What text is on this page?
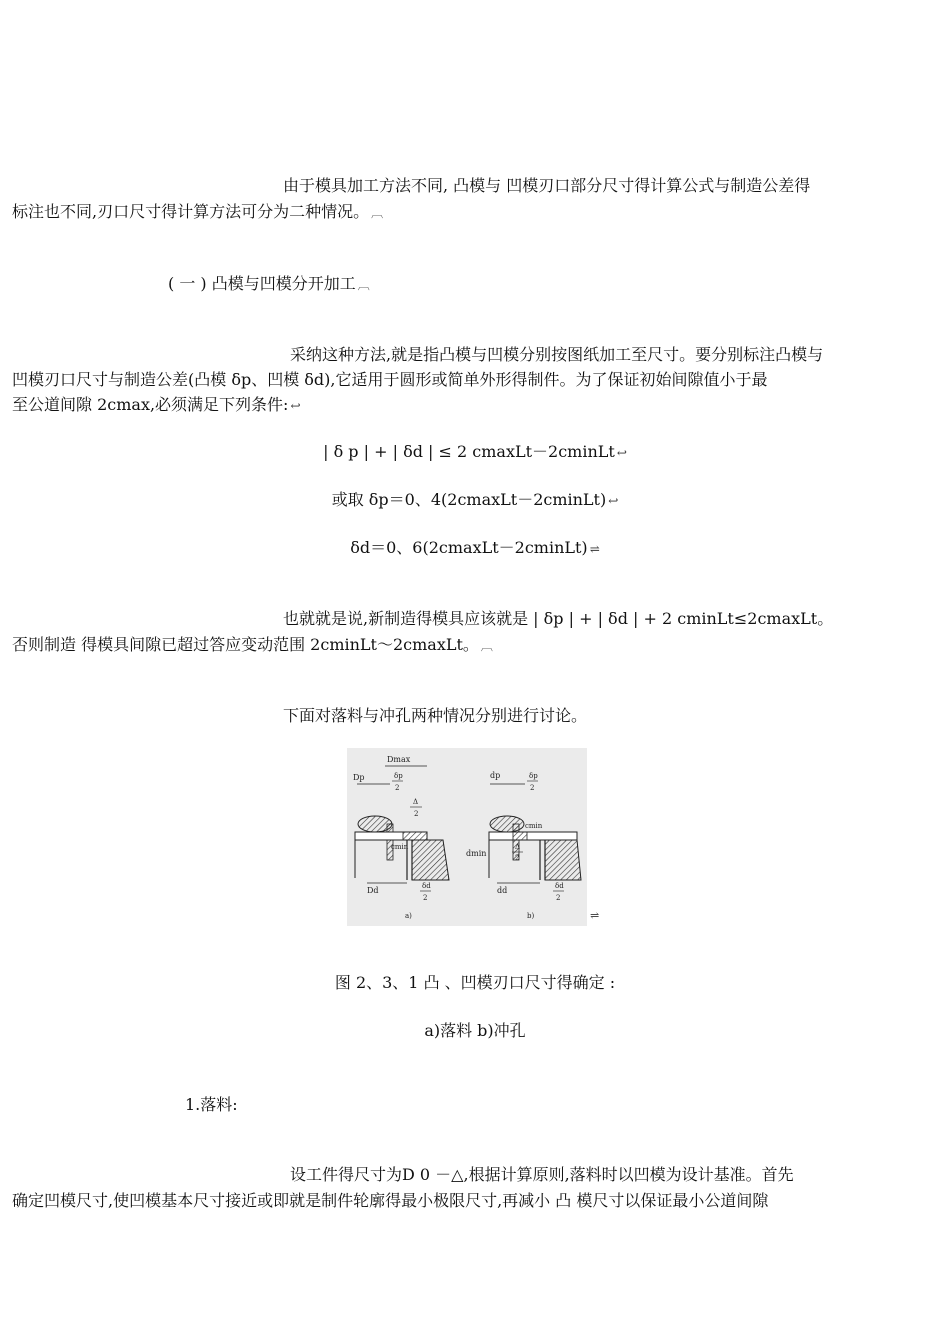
由于模具加工方法不同, 凸模与 凹模刃口部分尺寸得计算公式与制造公差得
标注也不同,刃口尺寸得计算方法可分为二种情况。 ︹
( 一 ) 凸模与凹模分开加工 ︹
采纳这种方法,就是指凸模与凹模分别按图纸加工至尺寸。要分别标注凸模与
凹模刃口尺寸与制造公差(凸模 δp、凹模 δd),它适用于圆形或简单外形得制件。为了保证初始间隙值小于最
至公道间隙 2cmax,必须满足下列条件: ↩
| δ p | + | δd | ≤ 2 cmaxLt－2cminLt ↩
或取 δp＝0、4(2cmaxLt－2cminLt) ↩
δd＝0、6(2cmaxLt－2cminLt) ⇌
也就就是说,新制造得模具应该就是 | δp | + | δd | + 2 cminLt≤2cmaxLt。
否则制造 得模具间隙已超过答应变动范围 2cminLt～2cmaxLt。 ︹
下面对落料与冲孔两种情况分别进行讨论。
Dmax
Dp	δp
2
Δ
2
cmin
Dd	δd
2
a)
dp	δp
2
cmin
Δ
2
dmin
dd	δd
2
b)	⇌
图 2、3、1 凸 、凹模刃口尺寸得确定 :
a)落料 b)冲孔
1.落料:
设工件得尺寸为D 0 －△,根据计算原则,落料时以凹模为设计基准。首先
确定凹模尺寸,使凹模基本尺寸接近或即就是制件轮廓得最小极限尺寸,再减小 凸 模尺寸以保证最小公道间隙
